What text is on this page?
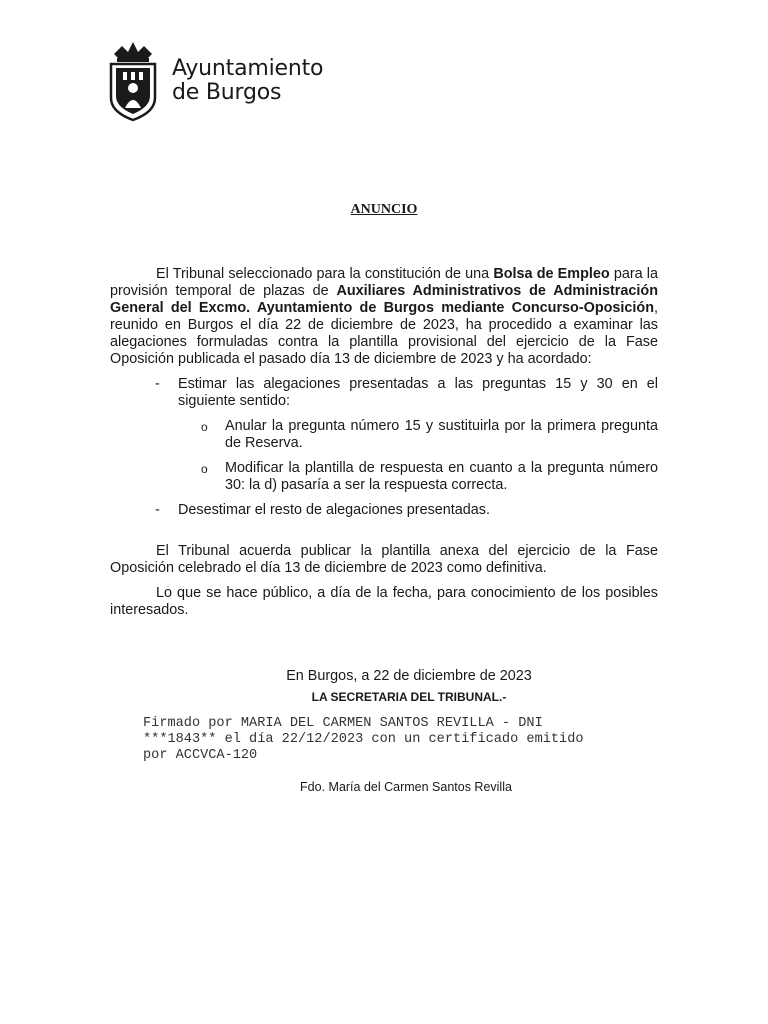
Ayuntamiento
de Burgos
ANUNCIO

El Tribunal seleccionado para la constitución de una Bolsa de Empleo para la provisión temporal de plazas de Auxiliares Administrativos de Administración General del Excmo. Ayuntamiento de Burgos mediante Concurso-Oposición, reunido en Burgos el día 22 de diciembre de 2023, ha procedido a examinar las alegaciones formuladas contra la plantilla provisional del ejercicio de la Fase Oposición publicada el pasado día 13 de diciembre de 2023 y ha acordado:

- Estimar las alegaciones presentadas a las preguntas 15 y 30 en el siguiente sentido:
o Anular la pregunta número 15 y sustituirla por la primera pregunta de Reserva.
o Modificar la plantilla de respuesta en cuanto a la pregunta número 30: la d) pasaría a ser la respuesta correcta.
- Desestimar el resto de alegaciones presentadas.

El Tribunal acuerda publicar la plantilla anexa del ejercicio de la Fase Oposición celebrado el día 13 de diciembre de 2023 como definitiva.

Lo que se hace público, a día de la fecha, para conocimiento de los posibles interesados.

En Burgos, a 22 de diciembre de 2023
LA SECRETARIA DEL TRIBUNAL.-
Firmado por MARIA DEL CARMEN SANTOS REVILLA - DNI
***1843** el día 22/12/2023 con un certificado emitido
por ACCVCA-120
Fdo. María del Carmen Santos Revilla
